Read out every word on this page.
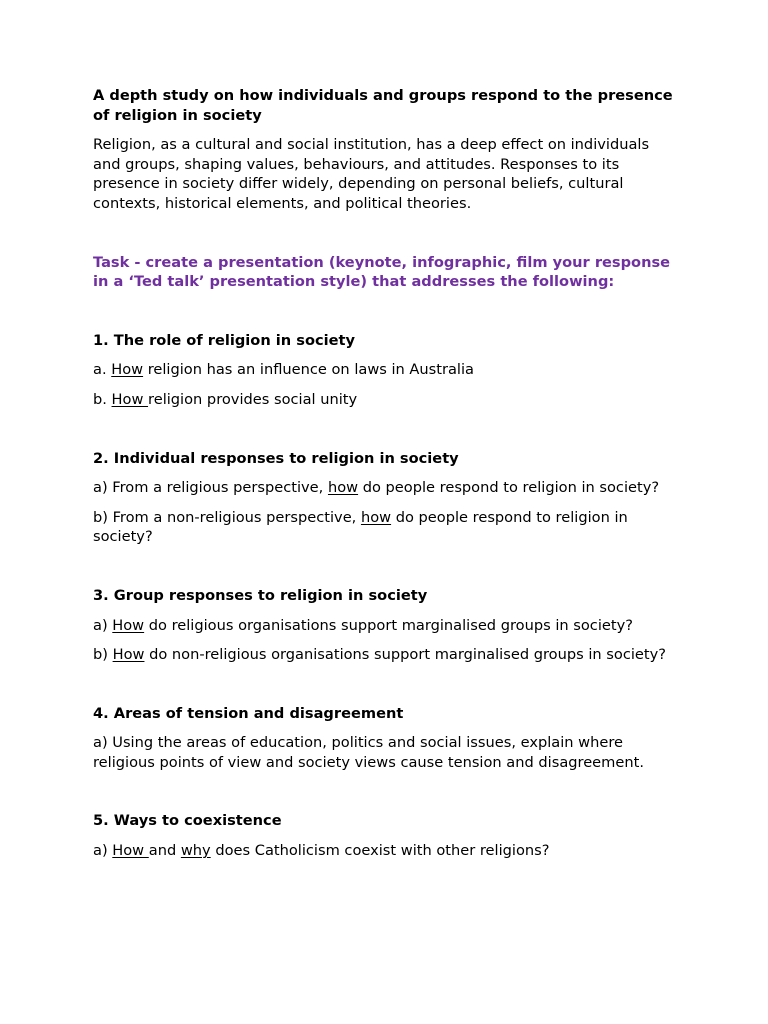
A depth study on how individuals and groups respond to the presence of religion in society
Religion, as a cultural and social institution, has a deep effect on individuals and groups, shaping values, behaviours, and attitudes. Responses to its presence in society differ widely, depending on personal beliefs, cultural contexts, historical elements, and political theories.
Task - create a presentation (keynote, infographic, film your response in a ‘Ted talk’ presentation style) that addresses the following:
1. The role of religion in society
a. How religion has an influence on laws in Australia
b. How religion provides social unity
2. Individual responses to religion in society
a) From a religious perspective, how do people respond to religion in society?
b) From a non-religious perspective, how do people respond to religion in society?
3. Group responses to religion in society
a) How do religious organisations support marginalised groups in society?
b) How do non-religious organisations support marginalised groups in society?
4. Areas of tension and disagreement
a) Using the areas of education, politics and social issues, explain where religious points of view and society views cause tension and disagreement.
5. Ways to coexistence
a) How and why does Catholicism coexist with other religions?
